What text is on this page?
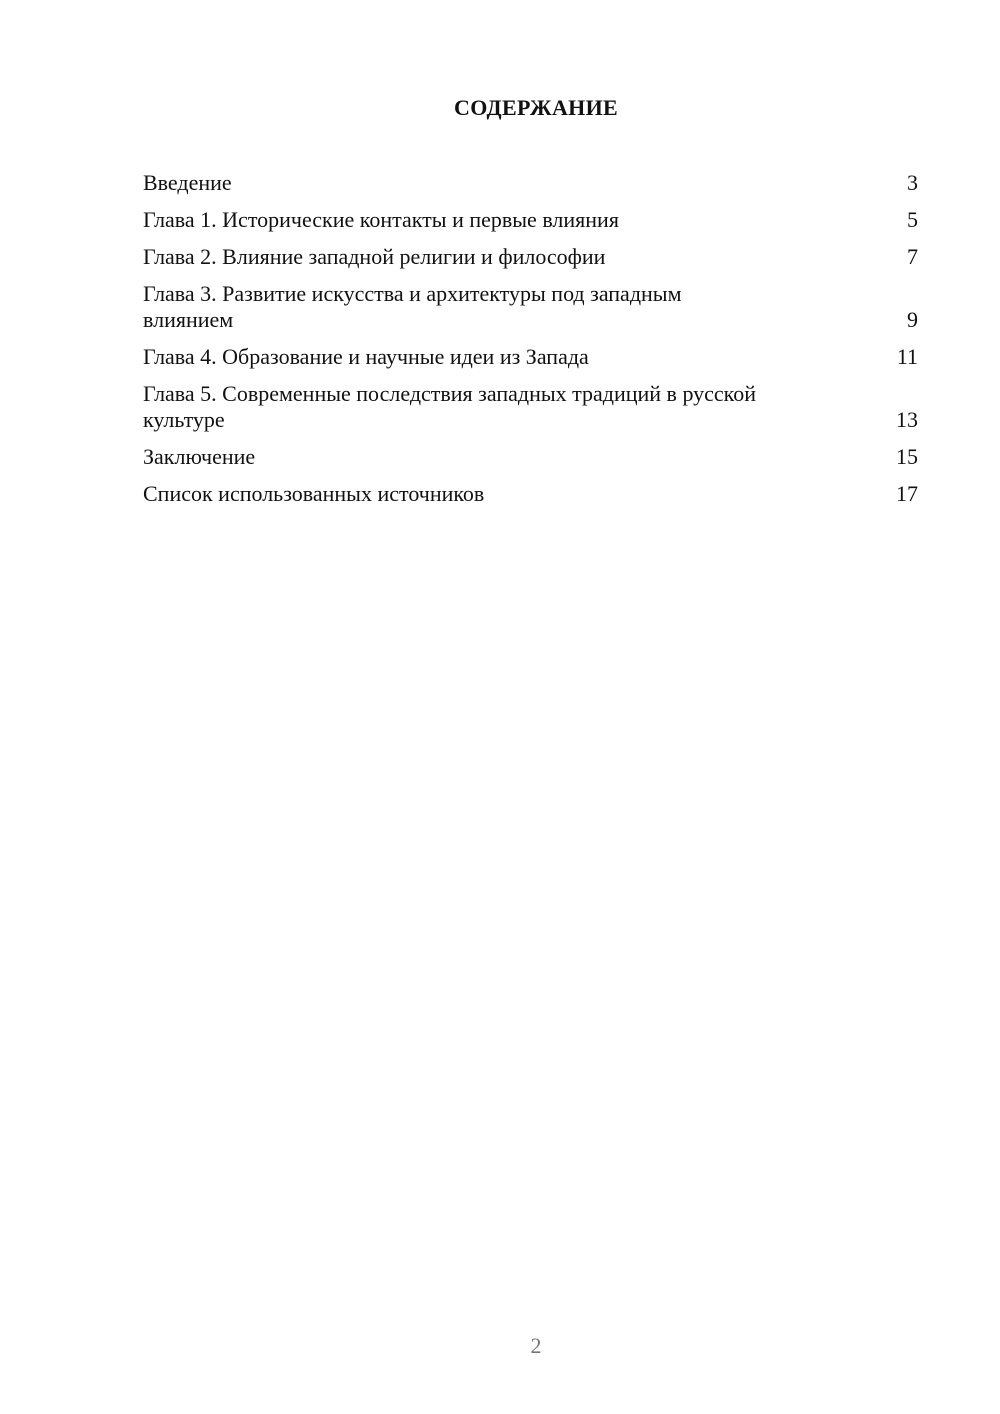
СОДЕРЖАНИЕ
Введение	3
Глава 1. Исторические контакты и первые влияния	5
Глава 2. Влияние западной религии и философии	7
Глава 3. Развитие искусства и архитектуры под западным влиянием	9
Глава 4. Образование и научные идеи из Запада	11
Глава 5. Современные последствия западных традиций в русской культуре	13
Заключение	15
Список использованных источников	17
2
